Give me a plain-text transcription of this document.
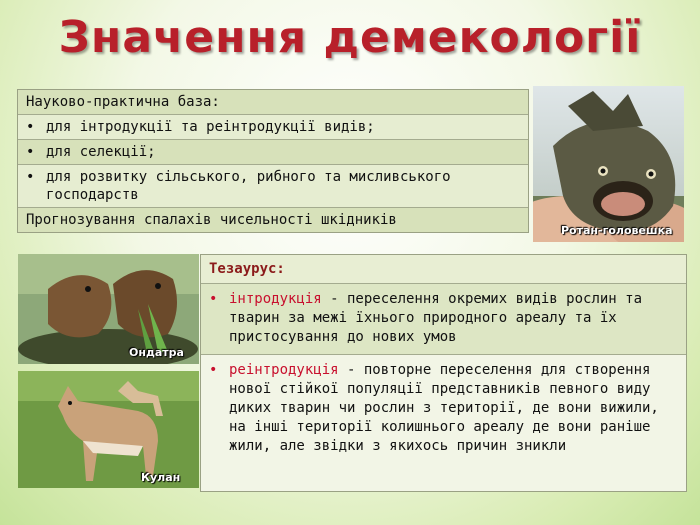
Значення демекології
Науково-практична база:
• для інтродукції та реінтродукції видів;
• для селекції;
• для розвитку сільського, рибного та мисливського господарств
Прогнозування спалахів чисельності шкідників
Ротан-головешка
Ондатра
Кулан
Тезаурус:
• інтродукція - переселення окремих видів рослин та тварин за межі їхнього природного ареалу та їх пристосування до нових умов
• реінтродукція - повторне переселення для створення нової стійкої популяції представників певного виду диких тварин чи рослин з території, де вони вижили, на інші території колишнього ареалу де вони раніше жили, але звідки з якихось причин зникли
